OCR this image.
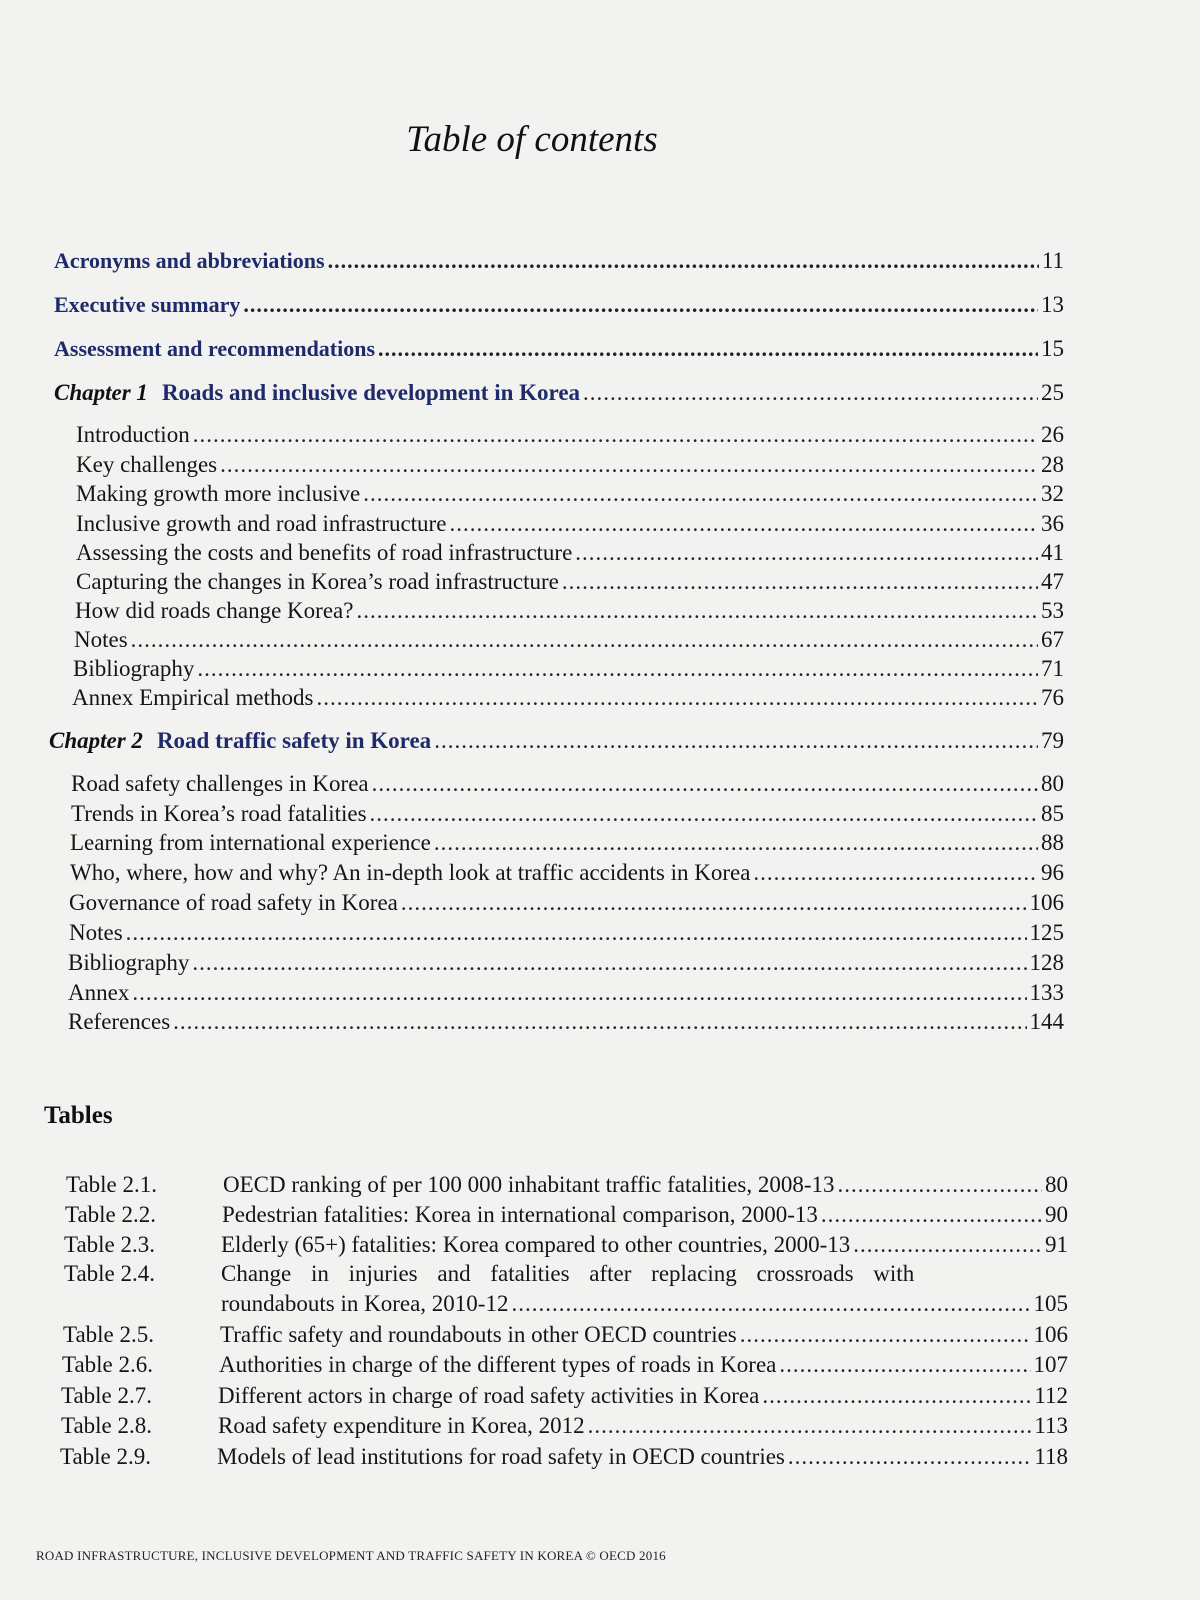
Table of contents
Acronyms and abbreviations .....	11
Executive summary .....	13
Assessment and recommendations .....	15
Chapter 1 Roads and inclusive development in Korea .....	25
Introduction .....	26
Key challenges .....	28
Making growth more inclusive .....	32
Inclusive growth and road infrastructure .....	36
Assessing the costs and benefits of road infrastructure .....	41
Capturing the changes in Korea’s road infrastructure .....	47
How did roads change Korea? .....	53
Notes .....	67
Bibliography .....	71
Annex Empirical methods .....	76
Chapter 2 Road traffic safety in Korea .....	79
Road safety challenges in Korea .....	80
Trends in Korea’s road fatalities .....	85
Learning from international experience .....	88
Who, where, how and why? An in-depth look at traffic accidents in Korea .....	96
Governance of road safety in Korea .....	106
Notes .....	125
Bibliography .....	128
Annex .....	133
References .....	144
Tables
Table 2.1.	OECD ranking of per 100 000 inhabitant traffic fatalities, 2008-13 .....	80
Table 2.2.	Pedestrian fatalities: Korea in international comparison, 2000-13 .....	90
Table 2.3.	Elderly (65+) fatalities: Korea compared to other countries, 2000-13 .....	91
Table 2.4.	Change in injuries and fatalities after replacing crossroads with
roundabouts in Korea, 2010-12 .....	105
Table 2.5.	Traffic safety and roundabouts in other OECD countries .....	106
Table 2.6.	Authorities in charge of the different types of roads in Korea .....	107
Table 2.7.	Different actors in charge of road safety activities in Korea .....	112
Table 2.8.	Road safety expenditure in Korea, 2012 .....	113
Table 2.9.	Models of lead institutions for road safety in OECD countries .....	118
ROAD INFRASTRUCTURE, INCLUSIVE DEVELOPMENT AND TRAFFIC SAFETY IN KOREA © OECD 2016
